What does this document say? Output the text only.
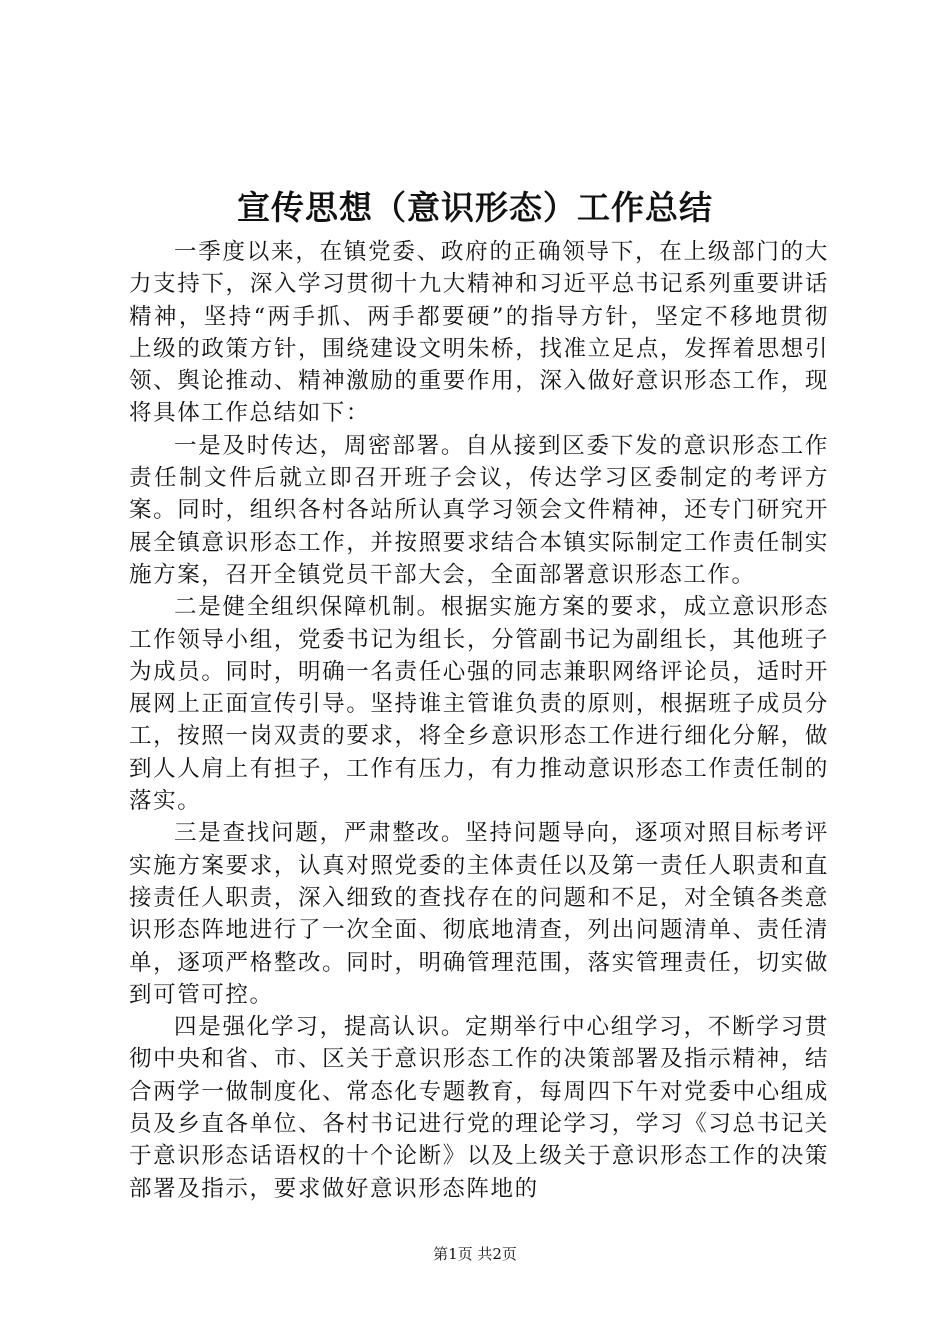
宣传思想（意识形态）工作总结

一季度以来，在镇党委、政府的正确领导下，在上级部门的大力支持下，深入学习贯彻十九大精神和习近平总书记系列重要讲话精神，坚持“两手抓、两手都要硬”的指导方针，坚定不移地贯彻上级的政策方针，围绕建设文明朱桥，找准立足点，发挥着思想引领、舆论推动、精神激励的重要作用，深入做好意识形态工作，现将具体工作总结如下：

一是及时传达，周密部署。自从接到区委下发的意识形态工作责任制文件后就立即召开班子会议，传达学习区委制定的考评方案。同时，组织各村各站所认真学习领会文件精神，还专门研究开展全镇意识形态工作，并按照要求结合本镇实际制定工作责任制实施方案，召开全镇党员干部大会，全面部署意识形态工作。

二是健全组织保障机制。根据实施方案的要求，成立意识形态工作领导小组，党委书记为组长，分管副书记为副组长，其他班子为成员。同时，明确一名责任心强的同志兼职网络评论员，适时开展网上正面宣传引导。坚持谁主管谁负责的原则，根据班子成员分工，按照一岗双责的要求，将全乡意识形态工作进行细化分解，做到人人肩上有担子，工作有压力，有力推动意识形态工作责任制的落实。

三是查找问题，严肃整改。坚持问题导向，逐项对照目标考评实施方案要求，认真对照党委的主体责任以及第一责任人职责和直接责任人职责，深入细致的查找存在的问题和不足，对全镇各类意识形态阵地进行了一次全面、彻底地清查，列出问题清单、责任清单，逐项严格整改。同时，明确管理范围，落实管理责任，切实做到可管可控。

四是强化学习，提高认识。定期举行中心组学习，不断学习贯彻中央和省、市、区关于意识形态工作的决策部署及指示精神，结合两学一做制度化、常态化专题教育，每周四下午对党委中心组成员及乡直各单位、各村书记进行党的理论学习，学习《习总书记关于意识形态话语权的十个论断》以及上级关于意识形态工作的决策部署及指示，要求做好意识形态阵地的

第1页 共2页
